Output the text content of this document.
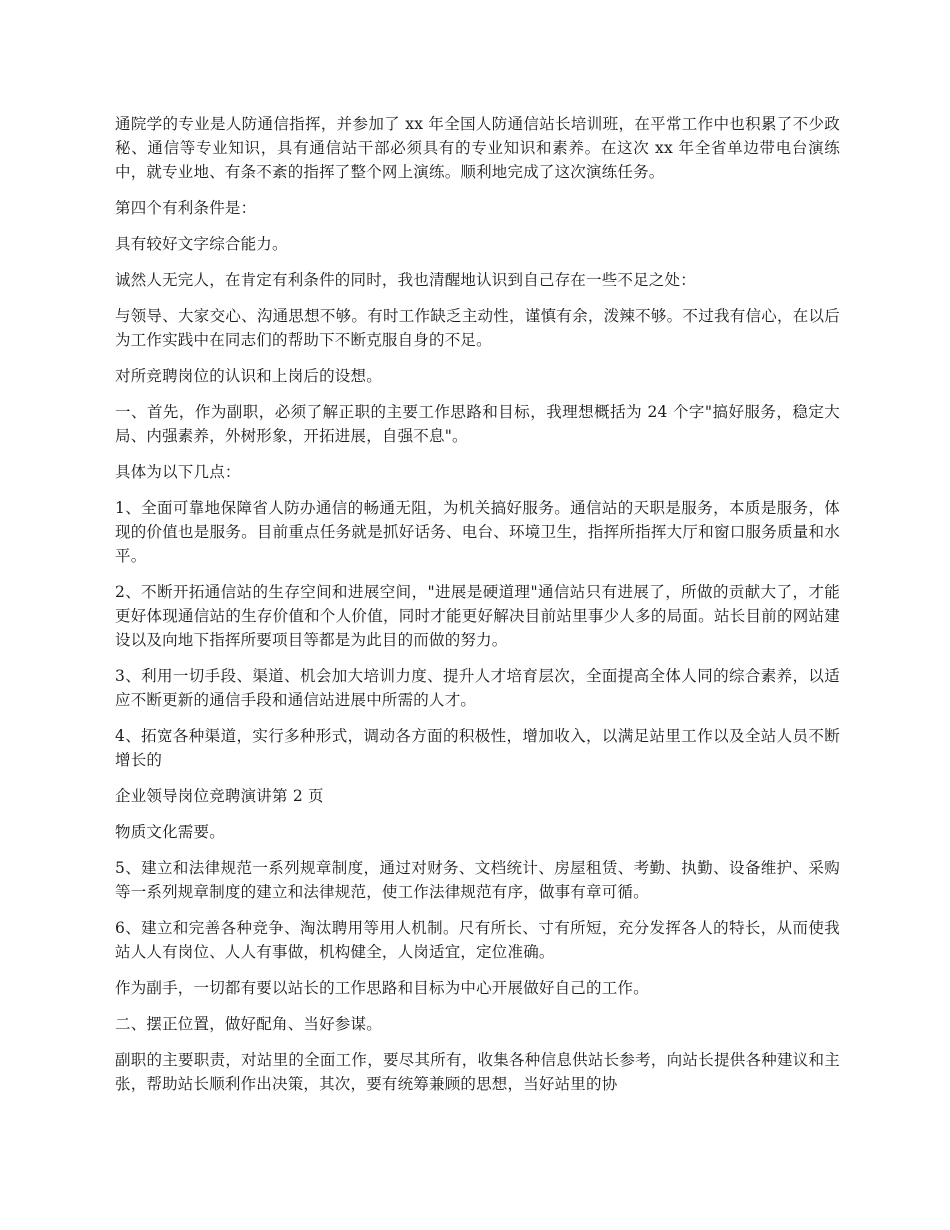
通院学的专业是人防通信指挥，并参加了 xx 年全国人防通信站长培训班，在平常工作中也积累了不少政秘、通信等专业知识，具有通信站干部必须具有的专业知识和素养。在这次 xx 年全省单边带电台演练中，就专业地、有条不紊的指挥了整个网上演练。顺利地完成了这次演练任务。

第四个有利条件是：

具有较好文字综合能力。

诚然人无完人，在肯定有利条件的同时，我也清醒地认识到自己存在一些不足之处：

与领导、大家交心、沟通思想不够。有时工作缺乏主动性，谨慎有余，泼辣不够。不过我有信心，在以后为工作实践中在同志们的帮助下不断克服自身的不足。

对所竞聘岗位的认识和上岗后的设想。

一、首先，作为副职，必须了解正职的主要工作思路和目标，我理想概括为 24 个字"搞好服务，稳定大局、内强素养，外树形象，开拓进展，自强不息"。

具体为以下几点：

1、全面可靠地保障省人防办通信的畅通无阻，为机关搞好服务。通信站的天职是服务，本质是服务，体现的价值也是服务。目前重点任务就是抓好话务、电台、环境卫生，指挥所指挥大厅和窗口服务质量和水平。

2、不断开拓通信站的生存空间和进展空间，"进展是硬道理"通信站只有进展了，所做的贡献大了，才能更好体现通信站的生存价值和个人价值，同时才能更好解决目前站里事少人多的局面。站长目前的网站建设以及向地下指挥所要项目等都是为此目的而做的努力。

3、利用一切手段、渠道、机会加大培训力度、提升人才培育层次，全面提高全体人同的综合素养，以适应不断更新的通信手段和通信站进展中所需的人才。

4、拓宽各种渠道，实行多种形式，调动各方面的积极性，增加收入，以满足站里工作以及全站人员不断增长的

企业领导岗位竞聘演讲第 2 页

物质文化需要。

5、建立和法律规范一系列规章制度，通过对财务、文档统计、房屋租赁、考勤、执勤、设备维护、采购等一系列规章制度的建立和法律规范，使工作法律规范有序，做事有章可循。

6、建立和完善各种竞争、淘汰聘用等用人机制。尺有所长、寸有所短，充分发挥各人的特长，从而使我站人人有岗位、人人有事做，机构健全，人岗适宜，定位准确。

作为副手，一切都有要以站长的工作思路和目标为中心开展做好自己的工作。

二、摆正位置，做好配角、当好参谋。

副职的主要职责，对站里的全面工作，要尽其所有，收集各种信息供站长参考，向站长提供各种建议和主张，帮助站长顺利作出决策，其次，要有统筹兼顾的思想，当好站里的协
